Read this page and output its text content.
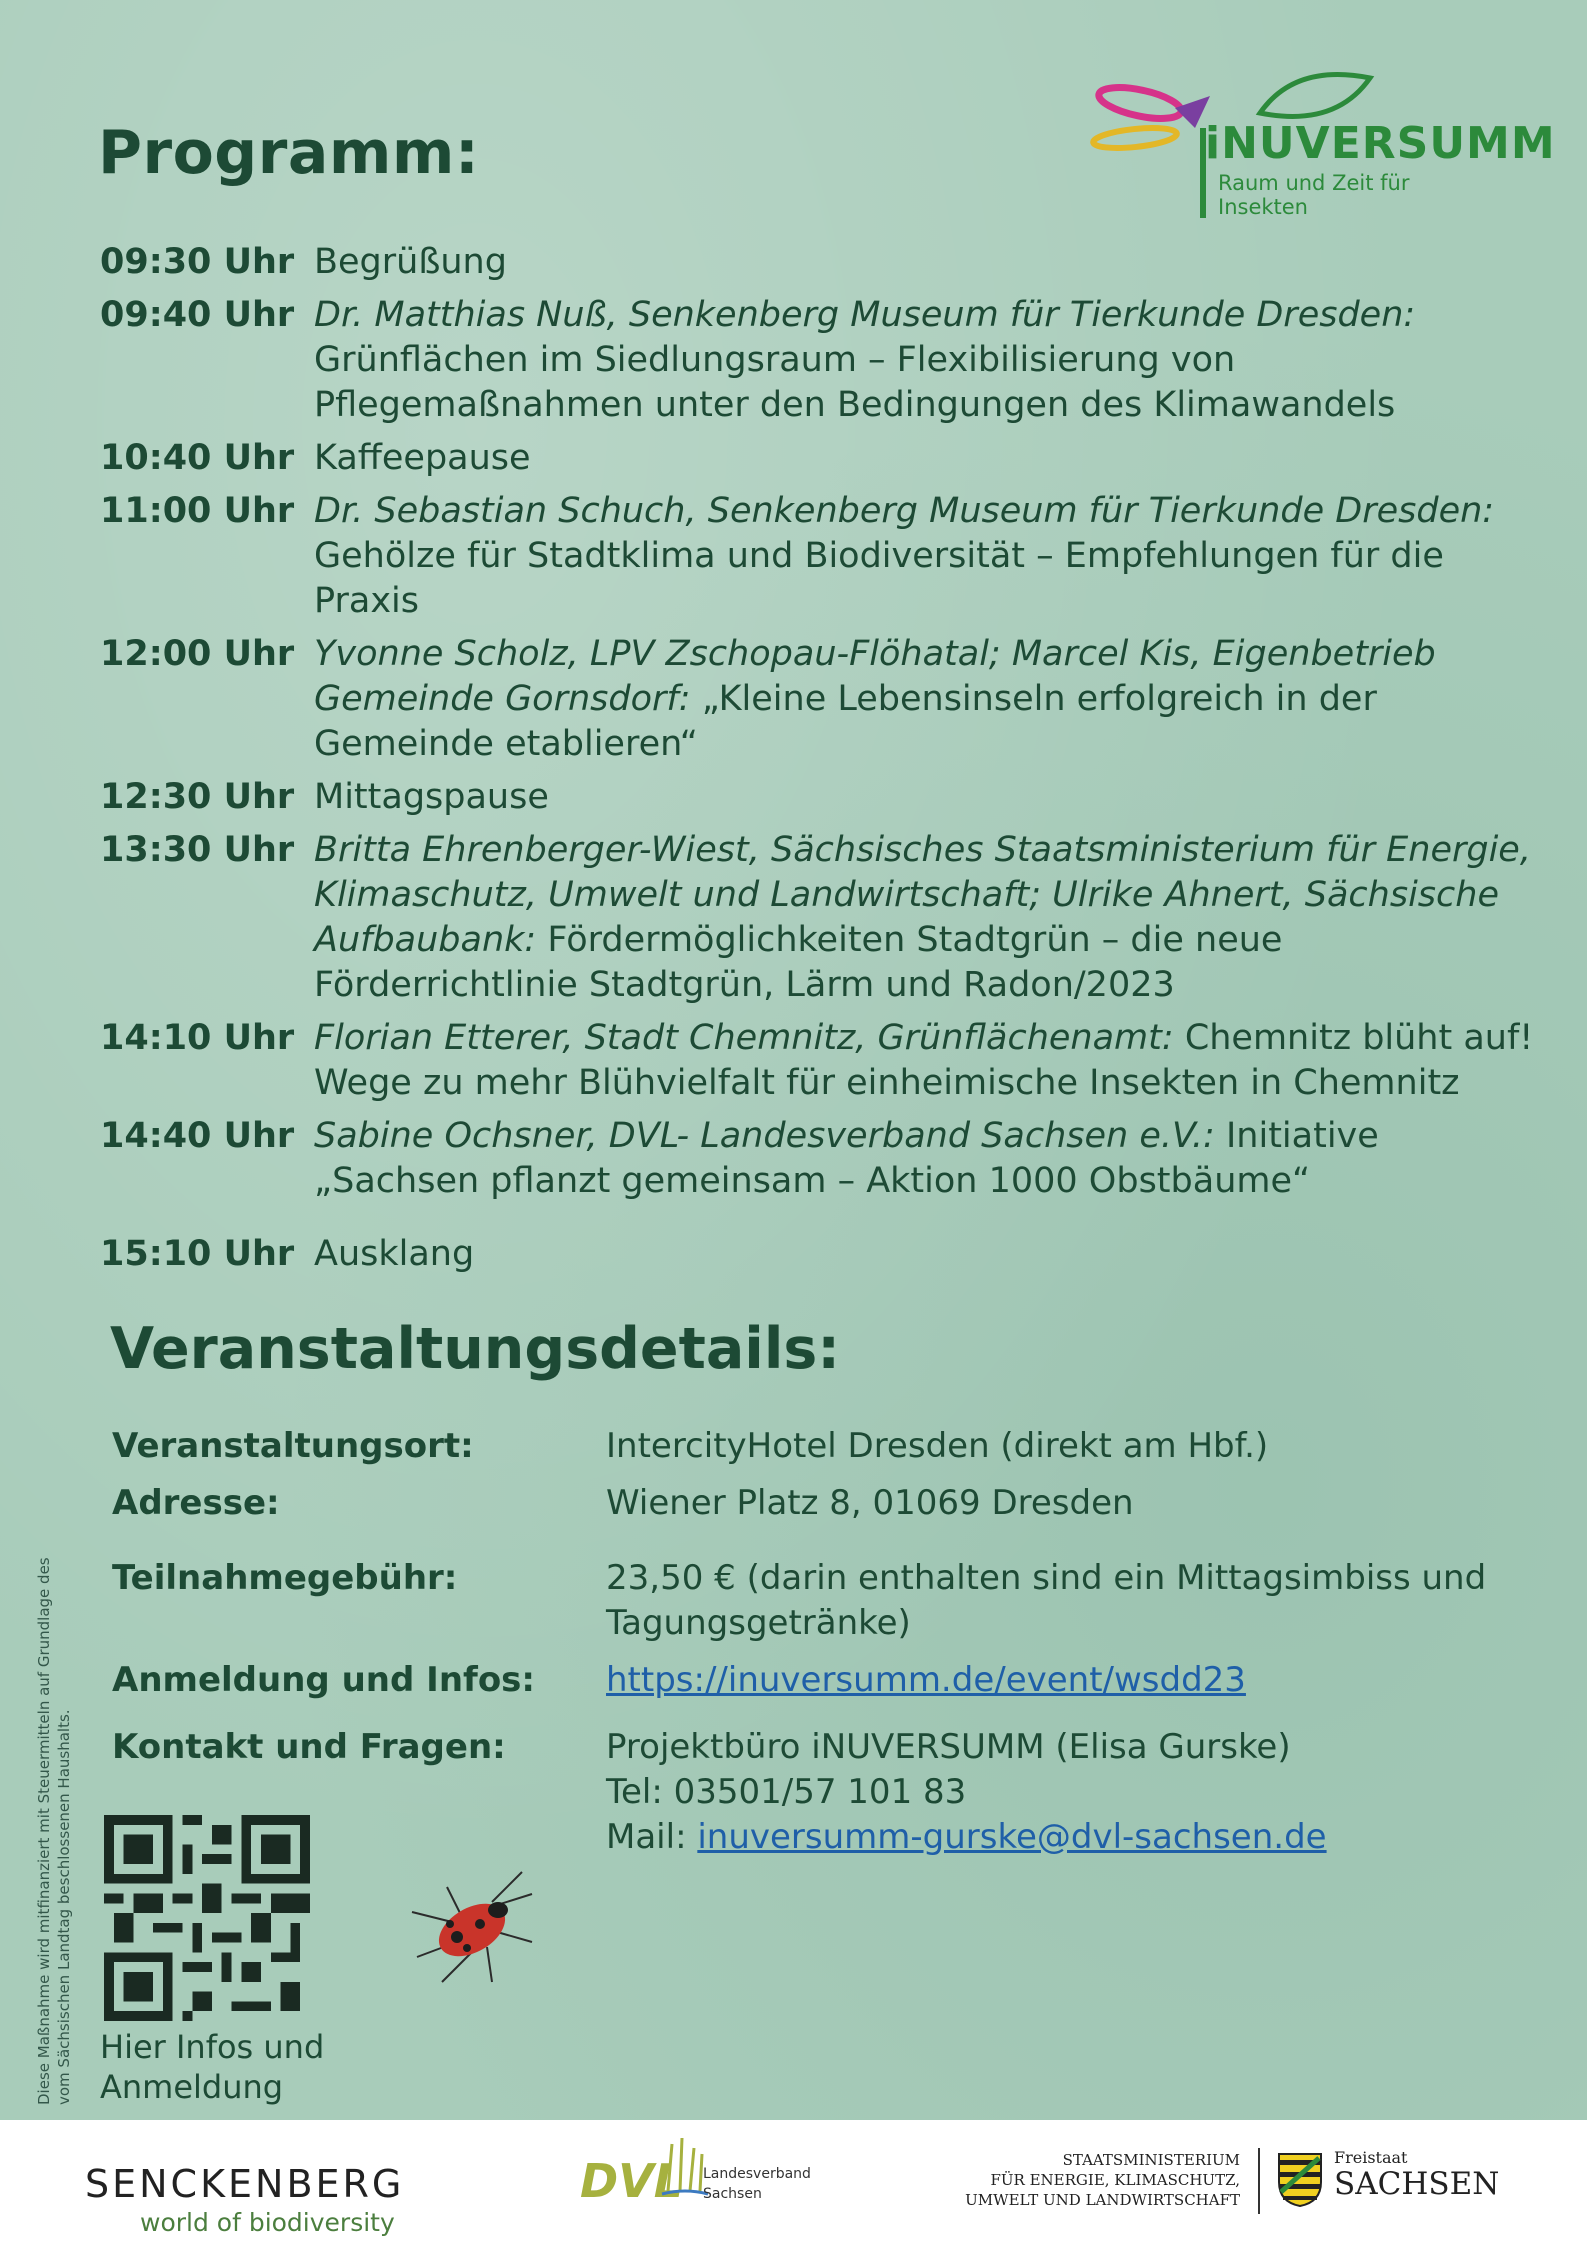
Programm:	iNUVERSUMM
Raum und Zeit für Insekten
09:30 Uhr Begrüßung
09:40 Uhr Dr. Matthias Nuß, Senkenberg Museum für Tierkunde Dresden: Grünflächen im Siedlungsraum – Flexibilisierung von Pflegemaßnahmen unter den Bedingungen des Klimawandels
10:40 Uhr Kaffeepause
11:00 Uhr Dr. Sebastian Schuch, Senkenberg Museum für Tierkunde Dresden: Gehölze für Stadtklima und Biodiversität – Empfehlungen für die Praxis
12:00 Uhr Yvonne Scholz, LPV Zschopau-Flöhatal; Marcel Kis, Eigenbetrieb Gemeinde Gornsdorf: „Kleine Lebensinseln erfolgreich in der Gemeinde etablieren“
12:30 Uhr Mittagspause
13:30 Uhr Britta Ehrenberger-Wiest, Sächsisches Staatsministerium für Energie, Klimaschutz, Umwelt und Landwirtschaft; Ulrike Ahnert, Sächsische Aufbaubank: Fördermöglichkeiten Stadtgrün – die neue Förderrichtlinie Stadtgrün, Lärm und Radon/2023
14:10 Uhr Florian Etterer, Stadt Chemnitz, Grünflächenamt: Chemnitz blüht auf! Wege zu mehr Blühvielfalt für einheimische Insekten in Chemnitz
14:40 Uhr Sabine Ochsner, DVL- Landesverband Sachsen e.V.: Initiative „Sachsen pflanzt gemeinsam – Aktion 1000 Obstbäume“
15:10 Uhr Ausklang
Veranstaltungsdetails:
Veranstaltungsort:	IntercityHotel Dresden (direkt am Hbf.)
Adresse:	Wiener Platz 8, 01069 Dresden
Teilnahmegebühr:	23,50 € (darin enthalten sind ein Mittagsimbiss und Tagungsgetränke)
Anmeldung und Infos:	https://inuversumm.de/event/wsdd23
Kontakt und Fragen:	Projektbüro iNUVERSUMM (Elisa Gurske)
Tel: 03501/57 101 83
Mail: inuversumm-gurske@dvl-sachsen.de
Hier Infos und Anmeldung
Diese Maßnahme wird mitfinanziert mit Steuermitteln auf Grundlage des vom Sächsischen Landtag beschlossenen Haushalts.
SENCKENBERG
world of biodiversity
DVL Landesverband
Sachsen
STAATSMINISTERIUM
FÜR ENERGIE, KLIMASCHUTZ,
UMWELT UND LANDWIRTSCHAFT
Freistaat
SACHSEN
